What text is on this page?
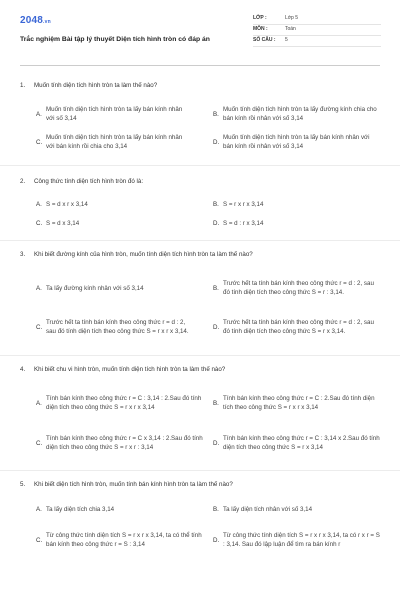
2048.vn
Trắc nghiệm Bài tập lý thuyết Diện tích hình tròn có đáp án
LỚP :	Lớp 5
MÔN :	Toán
SỐ CÂU :	5
1.	Muốn tính diện tích hình tròn ta làm thế nào?
A.
Muốn tính diện tích hình tròn ta lấy bán kính nhân với số 3,14
B.
Muốn tính diện tích hình tròn ta lấy đường kính chia cho bán kính rồi nhân với số 3,14
C.
Muốn tính diện tích hình tròn ta lấy bán kính nhân với bán kính rồi chia cho 3,14
D.
Muốn tính diện tích hình tròn ta lấy bán kính nhân với bán kính rồi nhân với số 3,14
2.	Công thức tính diện tích hình tròn đó là:
A. S = d x r x 3,14	B. S = r x r x 3,14
C. S = d x 3,14	D. S = d : r x 3,14
3.	Khi biết đường kính của hình tròn, muốn tính diện tích hình tròn ta làm thế nào?
A. Ta lấy đường kính nhân với số 3,14	B.
Trước hết ta tính bán kính theo công thức r = d : 2, sau đó tính diện tích theo công thức S = r : 3,14.
C.
Trước hết ta tính bán kính theo công thức r = d : 2, sau đó tính diện tích theo công thức S = r x r x 3,14.
D.
Trước hết ta tính bán kính theo công thức r = d : 2, sau đó tính diện tích theo công thức S = r x 3,14.
4.	Khi biết chu vi hình tròn, muốn tính diện tích hình tròn ta làm thế nào?
A.
Tính bán kính theo công thức r = C : 3,14 : 2.Sau đó tính diện tích theo công thức S = r x r x 3,14
B.
Tính bán kính theo công thức r = C : 2.Sau đó tính diện tích theo công thức S = r x r x 3,14
C.
Tính bán kính theo công thức r = C x 3,14 : 2.Sau đó tính diện tích theo công thức S = r x r : 3,14
D.
Tính bán kính theo công thức r = C : 3,14 x 2.Sau đó tính diện tích theo công thức S = r x 3,14
5.	Khi biết diện tích hình tròn, muốn tính bán kính hình tròn ta làm thế nào?
A. Ta lấy diện tích chia 3,14	B. Ta lấy diện tích nhân với số 3,14
C.
Từ công thức tính diện tích S = r x r x 3,14, ta có thể tính bán kính theo công thức r = S : 3,14
D.
Từ công thức tính diện tích S = r x r x 3,14, ta có r x r = S : 3,14. Sau đó lập luận để tìm ra bán kính r
